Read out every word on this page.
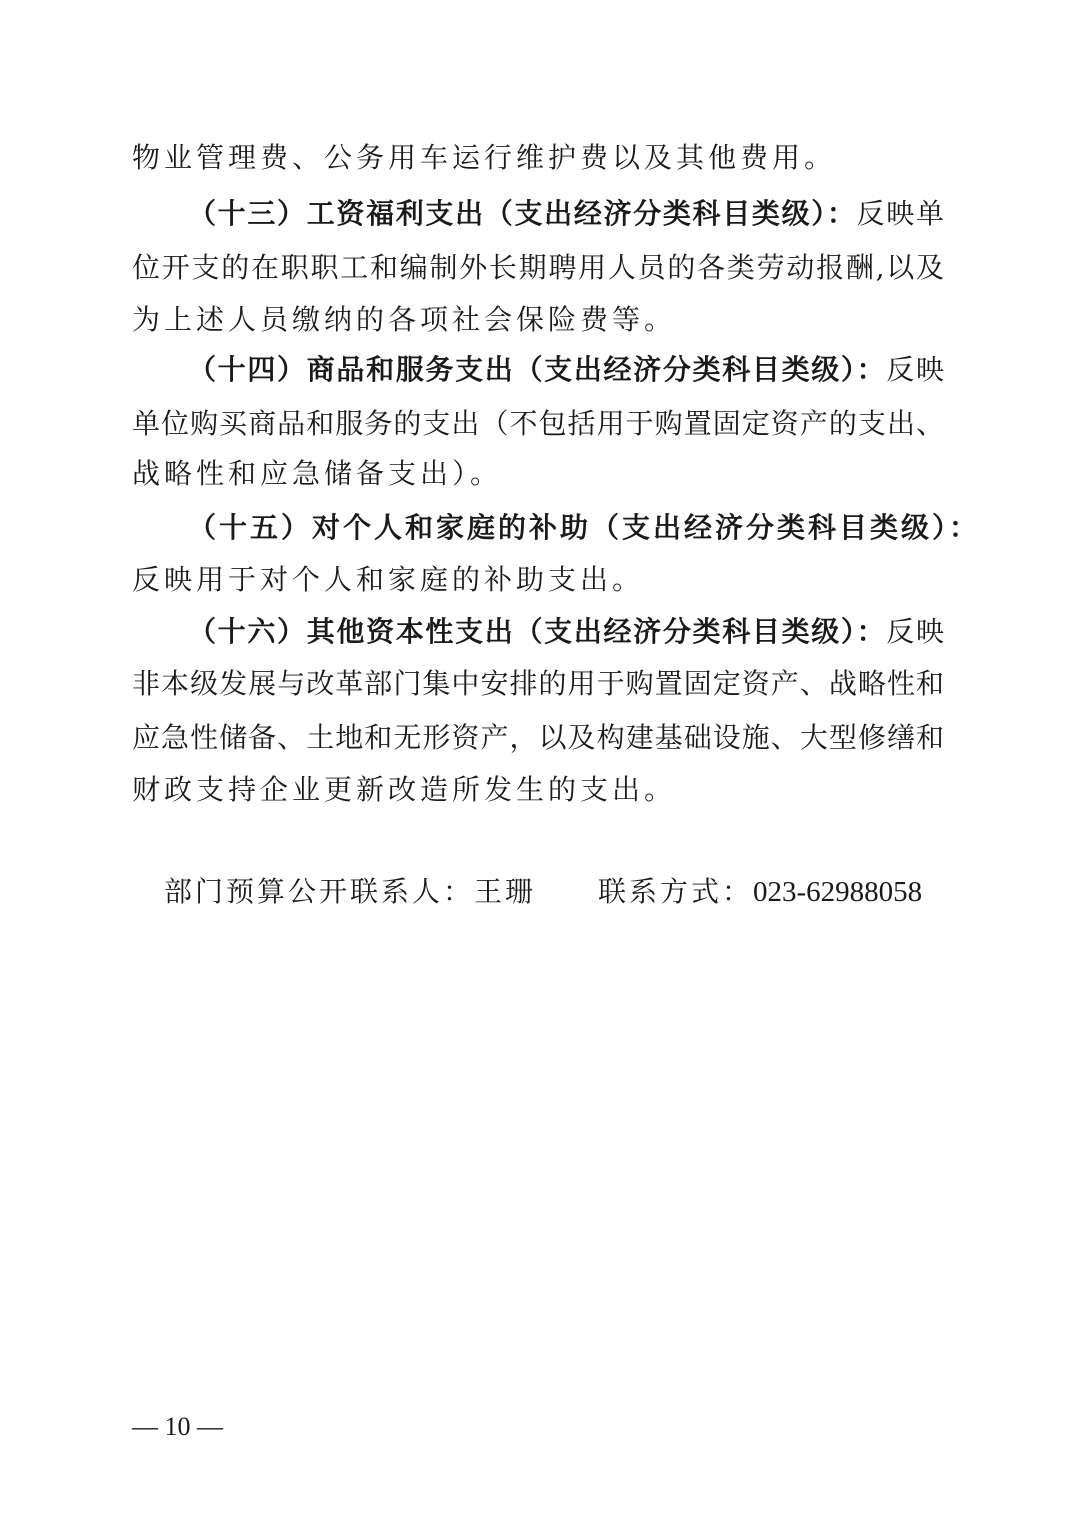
物业管理费、公务用车运行维护费以及其他费用。
（十三）工资福利支出（支出经济分类科目类级）：反映单
位开支的在职职工和编制外长期聘用人员的各类劳动报酬,以及
为上述人员缴纳的各项社会保险费等。
（十四）商品和服务支出（支出经济分类科目类级）：反映
单位购买商品和服务的支出（不包括用于购置固定资产的支出、
战略性和应急储备支出）。
（十五）对个人和家庭的补助（支出经济分类科目类级）：
反映用于对个人和家庭的补助支出。
（十六）其他资本性支出（支出经济分类科目类级）：反映
非本级发展与改革部门集中安排的用于购置固定资产、战略性和
应急性储备、土地和无形资产，以及构建基础设施、大型修缮和
财政支持企业更新改造所发生的支出。
部门预算公开联系人：王珊 联系方式：023-62988058
— 10 —
